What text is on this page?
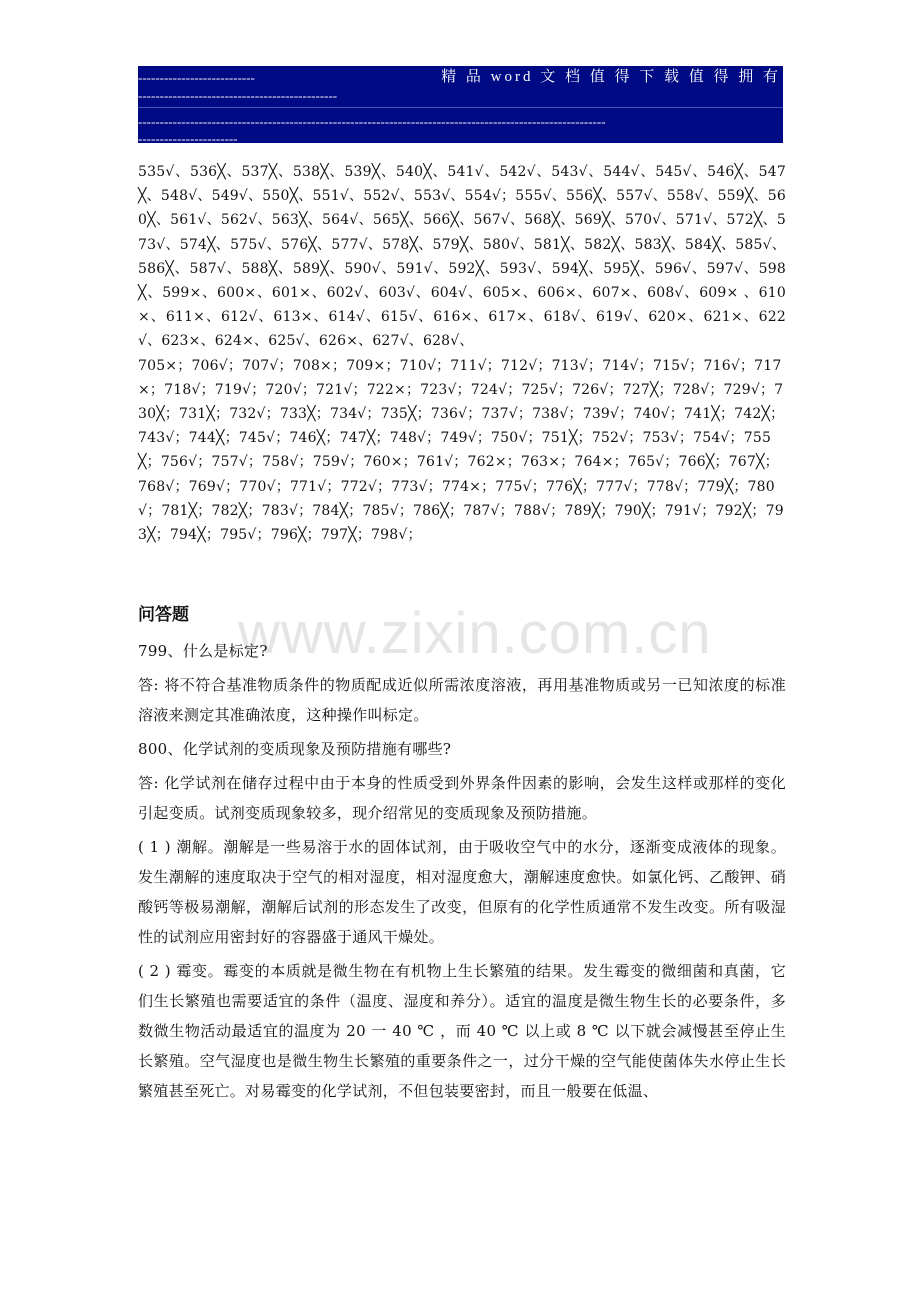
---------------------------	精 品 word 文 档 值 得 下 载 值 得 拥 有
----------------------------------------------
------------------------------------------------------------------------------------------------------------
-----------------------

535√、536╳、537╳、538╳、539╳、540╳、541√、542√、543√、544√、545√、546╳、547╳、548√、549√、550╳、551√、552√、553√、554√；555√、556╳、557√、558√、559╳、560╳、561√、562√、563╳、564√、565╳、566╳、567√、568╳、569╳、570√、571√、572╳、573√、574╳、575√、576╳、577√、578╳、579╳、580√、581╳、582╳、583╳、584╳、585√、586╳、587√、588╳、589╳、590√、591√、592╳、593√、594╳、595╳、596√、597√、598╳、599×、600×、601×、602√、603√、604√、605×、606×、607×、608√、609× 、610×、611×、612√、613×、614√、615√、616×、617×、618√、619√、620×、621×、622√、623×、624×、625√、626×、627√、628√、

705×；706√；707√；708×；709×；710√；711√；712√；713√；714√；715√；716√；717×；718√；719√；720√；721√；722×；723√；724√；725√；726√；727╳；728√；729√；730╳；731╳；732√；733╳；734√；735╳；736√；737√；738√；739√；740√；741╳；742╳；743√；744╳；745√；746╳；747╳；748√；749√；750√；751╳；752√；753√；754√；755╳；756√；757√；758√；759√；760×；761√；762×；763×；764×；765√；766╳；767╳；768√；769√；770√；771√；772√；773√；774×；775√；776╳；777√；778√；779╳；780√；781╳；782╳；783√；784╳；785√；786╳；787√；788√；789╳；790╳；791√；792╳；793╳；794╳；795√；796╳；797╳；798√；

www.zixin.com.cn
问答题

799、什么是标定?

答: 将不符合基准物质条件的物质配成近似所需浓度溶液，再用基准物质或另一已知浓度的标准溶液来测定其准确浓度，这种操作叫标定。

800、化学试剂的变质现象及预防措施有哪些?

答: 化学试剂在储存过程中由于本身的性质受到外界条件因素的影响，会发生这样或那样的变化引起变质。试剂变质现象较多，现介绍常见的变质现象及预防措施。

( 1 ) 潮解。潮解是一些易溶于水的固体试剂，由于吸收空气中的水分，逐渐变成液体的现象。发生潮解的速度取决于空气的相对湿度，相对湿度愈大，潮解速度愈快。如氯化钙、乙酸钾、硝酸钙等极易潮解，潮解后试剂的形态发生了改变，但原有的化学性质通常不发生改变。所有吸湿性的试剂应用密封好的容器盛于通风干燥处。

( 2 ) 霉变。霉变的本质就是微生物在有机物上生长繁殖的结果。发生霉变的微细菌和真菌，它们生长繁殖也需要适宜的条件（温度、湿度和养分）。适宜的温度是微生物生长的必要条件，多数微生物活动最适宜的温度为 20 一 40 ℃ ，而 40 ℃ 以上或 8 ℃ 以下就会减慢甚至停止生长繁殖。空气湿度也是微生物生长繁殖的重要条件之一，过分干燥的空气能使菌体失水停止生长繁殖甚至死亡。对易霉变的化学试剂，不但包装要密封，而且一般要在低温、
